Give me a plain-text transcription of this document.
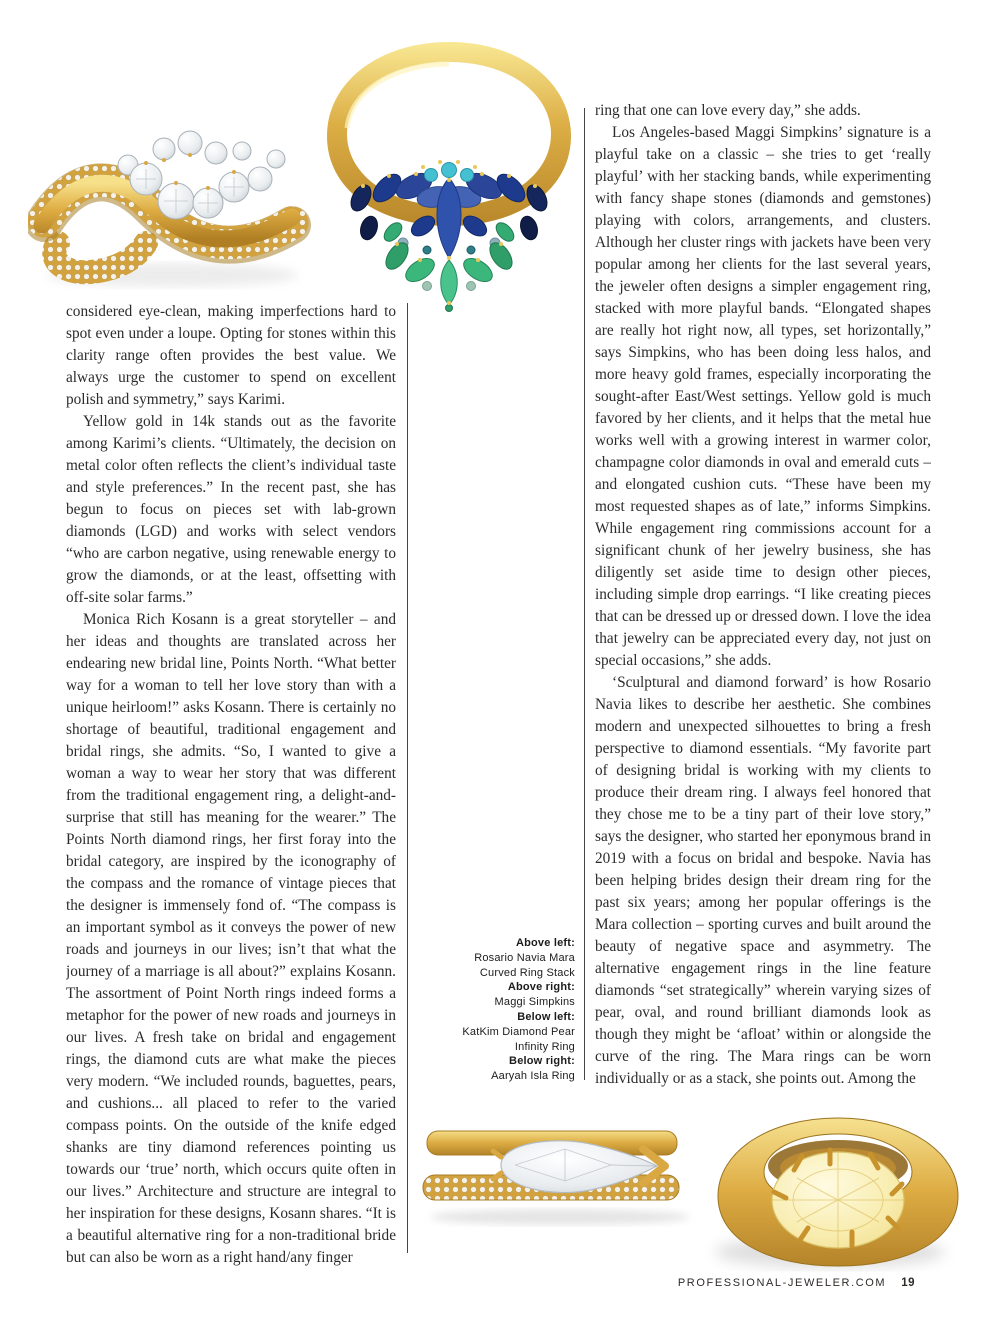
considered eye-clean, making imperfections hard to spot even under a loupe. Opting for stones within this clarity range often provides the best value. We always urge the customer to spend on excellent polish and symmetry,” says Karimi.

Yellow gold in 14k stands out as the favorite among Karimi’s clients. “Ultimately, the decision on metal color often reflects the client’s individual taste and style preferences.” In the recent past, she has begun to focus on pieces set with lab-grown diamonds (LGD) and works with select vendors “who are carbon negative, using renewable energy to grow the diamonds, or at the least, offsetting with off-site solar farms.”

Monica Rich Kosann is a great storyteller – and her ideas and thoughts are translated across her endearing new bridal line, Points North. “What better way for a woman to tell her love story than with a unique heirloom!” asks Kosann. There is certainly no shortage of beautiful, traditional engagement and bridal rings, she admits. “So, I wanted to give a woman a way to wear her story that was different from the traditional engagement ring, a delight-and-surprise that still has meaning for the wearer.” The Points North diamond rings, her first foray into the bridal category, are inspired by the iconography of the compass and the romance of vintage pieces that the designer is immensely fond of. “The compass is an important symbol as it conveys the power of new roads and journeys in our lives; isn’t that what the journey of a marriage is all about?” explains Kosann. The assortment of Point North rings indeed forms a metaphor for the power of new roads and journeys in our lives. A fresh take on bridal and engagement rings, the diamond cuts are what make the pieces very modern. “We included rounds, baguettes, pears, and cushions... all placed to refer to the varied compass points. On the outside of the knife edged shanks are tiny diamond references pointing us towards our ‘true’ north, which occurs quite often in our lives.” Architecture and structure are integral to her inspiration for these designs, Kosann shares. “It is a beautiful alternative ring for a non-traditional bride but can also be worn as a right hand/any finger

ring that one can love every day,” she adds.

Los Angeles-based Maggi Simpkins’ signature is a playful take on a classic – she tries to get ‘really playful’ with her stacking bands, while experimenting with fancy shape stones (diamonds and gemstones) playing with colors, arrangements, and clusters. Although her cluster rings with jackets have been very popular among her clients for the last several years, the jeweler often designs a simpler engagement ring, stacked with more playful bands. “Elongated shapes are really hot right now, all types, set horizontally,” says Simpkins, who has been doing less halos, and more heavy gold frames, especially incorporating the sought-after East/West settings. Yellow gold is much favored by her clients, and it helps that the metal hue works well with a growing interest in warmer color, champagne color diamonds in oval and emerald cuts – and elongated cushion cuts. “These have been my most requested shapes as of late,” informs Simpkins. While engagement ring commissions account for a significant chunk of her jewelry business, she has diligently set aside time to design other pieces, including simple drop earrings. “I like creating pieces that can be dressed up or dressed down. I love the idea that jewelry can be appreciated every day, not just on special occasions,” she adds.

‘Sculptural and diamond forward’ is how Rosario Navia likes to describe her aesthetic. She combines modern and unexpected silhouettes to bring a fresh perspective to diamond essentials. “My favorite part of designing bridal is working with my clients to produce their dream ring. I always feel honored that they chose me to be a tiny part of their love story,” says the designer, who started her eponymous brand in 2019 with a focus on bridal and bespoke. Navia has been helping brides design their dream ring for the past six years; among her popular offerings is the Mara collection – sporting curves and built around the beauty of negative space and asymmetry. The alternative engagement rings in the line feature diamonds “set strategically” wherein varying sizes of pear, oval, and round brilliant diamonds look as though they might be ‘afloat’ within or alongside the curve of the ring. The Mara rings can be worn individually or as a stack, she points out. Among the

Above left:
Rosario Navia Mara
Curved Ring Stack
Above right:
Maggi Simpkins
Below left:
KatKim Diamond Pear
Infinity Ring
Below right:
Aaryah Isla Ring
PROFESSIONAL-JEWELER.COM 19
